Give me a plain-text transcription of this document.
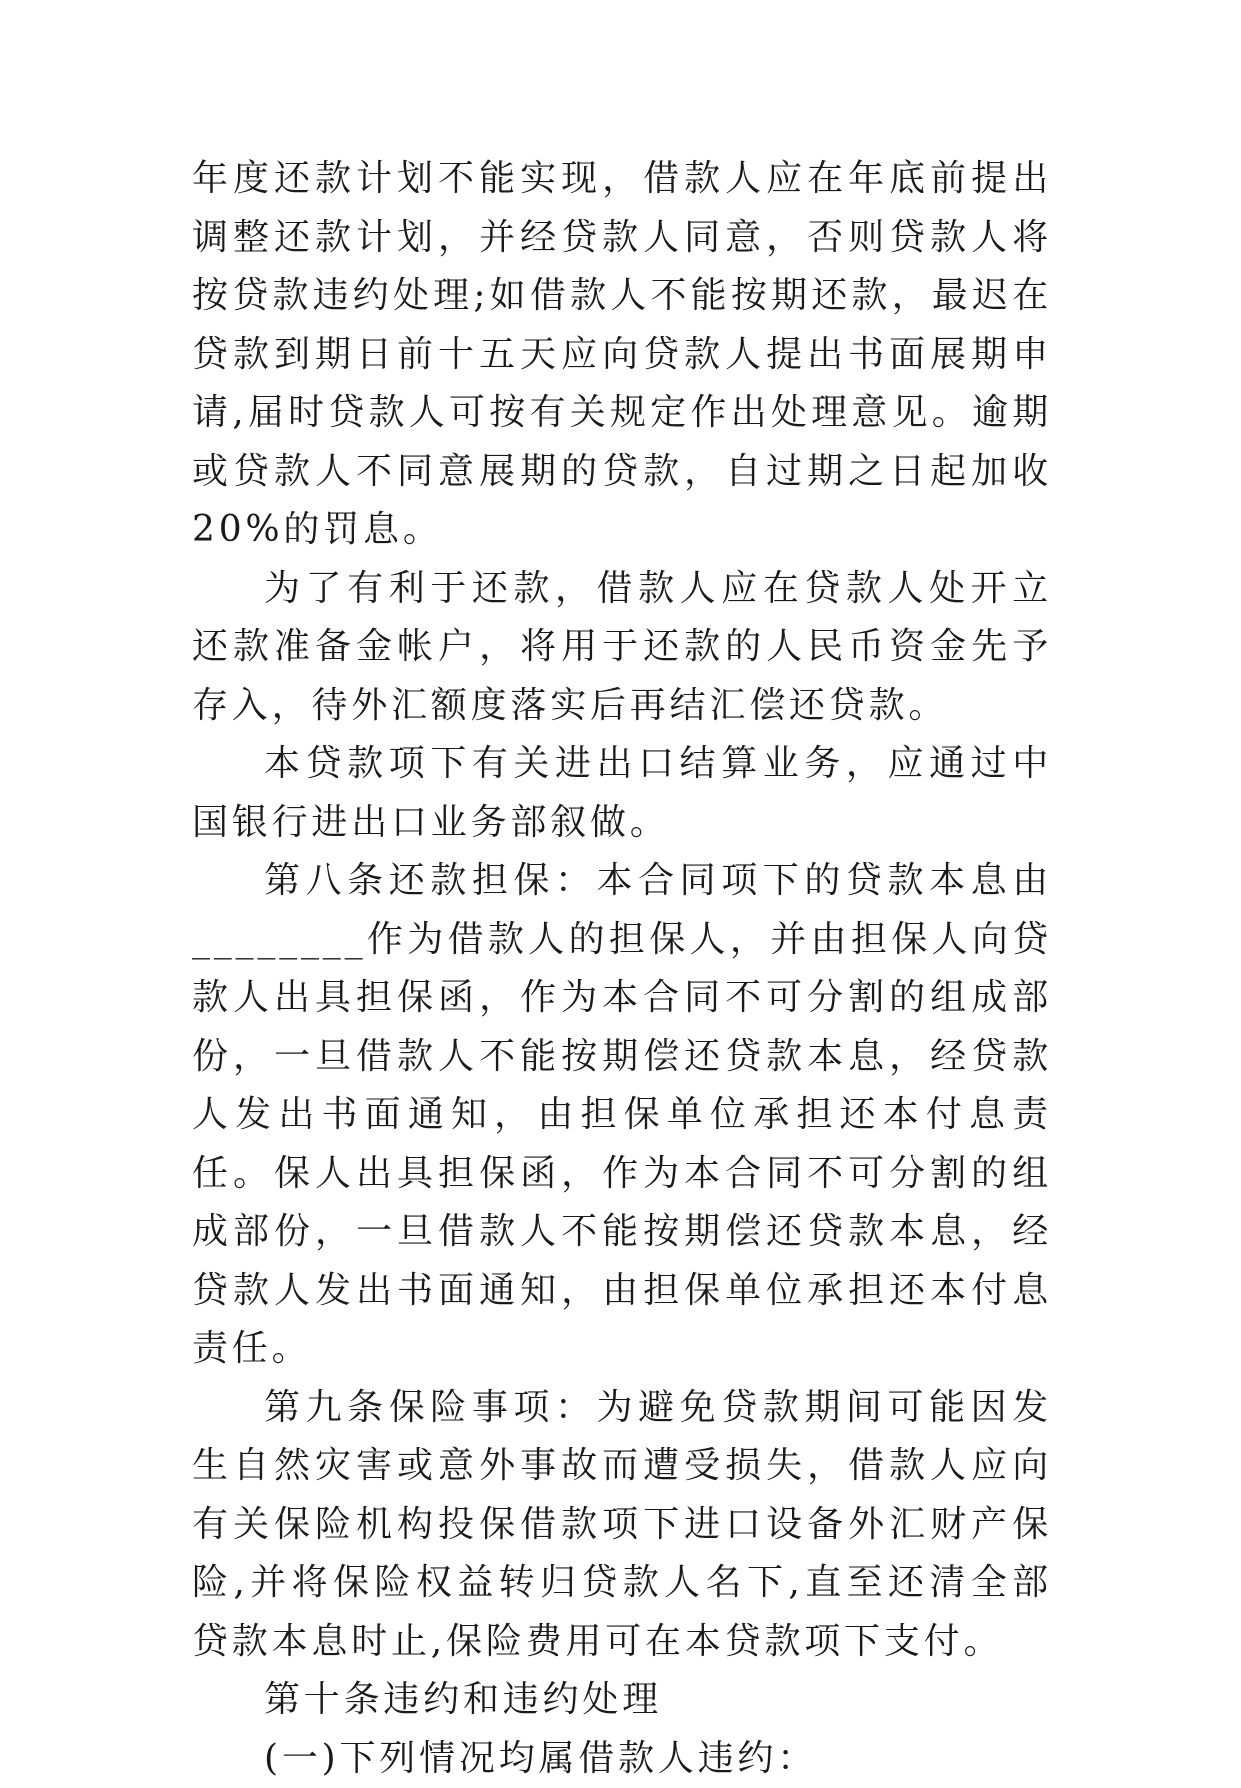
年度还款计划不能实现，借款人应在年底前提出调整还款计划，并经贷款人同意，否则贷款人将按贷款违约处理;如借款人不能按期还款，最迟在贷款到期日前十五天应向贷款人提出书面展期申请,届时贷款人可按有关规定作出处理意见。逾期或贷款人不同意展期的贷款，自过期之日起加收20%的罚息。

为了有利于还款，借款人应在贷款人处开立还款准备金帐户，将用于还款的人民币资金先予存入，待外汇额度落实后再结汇偿还贷款。

本贷款项下有关进出口结算业务，应通过中国银行进出口业务部叙做。

第八条还款担保：本合同项下的贷款本息由________作为借款人的担保人，并由担保人向贷款人出具担保函，作为本合同不可分割的组成部份，一旦借款人不能按期偿还贷款本息，经贷款人发出书面通知，由担保单位承担还本付息责任。保人出具担保函，作为本合同不可分割的组成部份，一旦借款人不能按期偿还贷款本息，经贷款人发出书面通知，由担保单位承担还本付息责任。

第九条保险事项：为避免贷款期间可能因发生自然灾害或意外事故而遭受损失，借款人应向有关保险机构投保借款项下进口设备外汇财产保险,并将保险权益转归贷款人名下,直至还清全部贷款本息时止,保险费用可在本贷款项下支付。

第十条违约和违约处理

(一)下列情况均属借款人违约：
